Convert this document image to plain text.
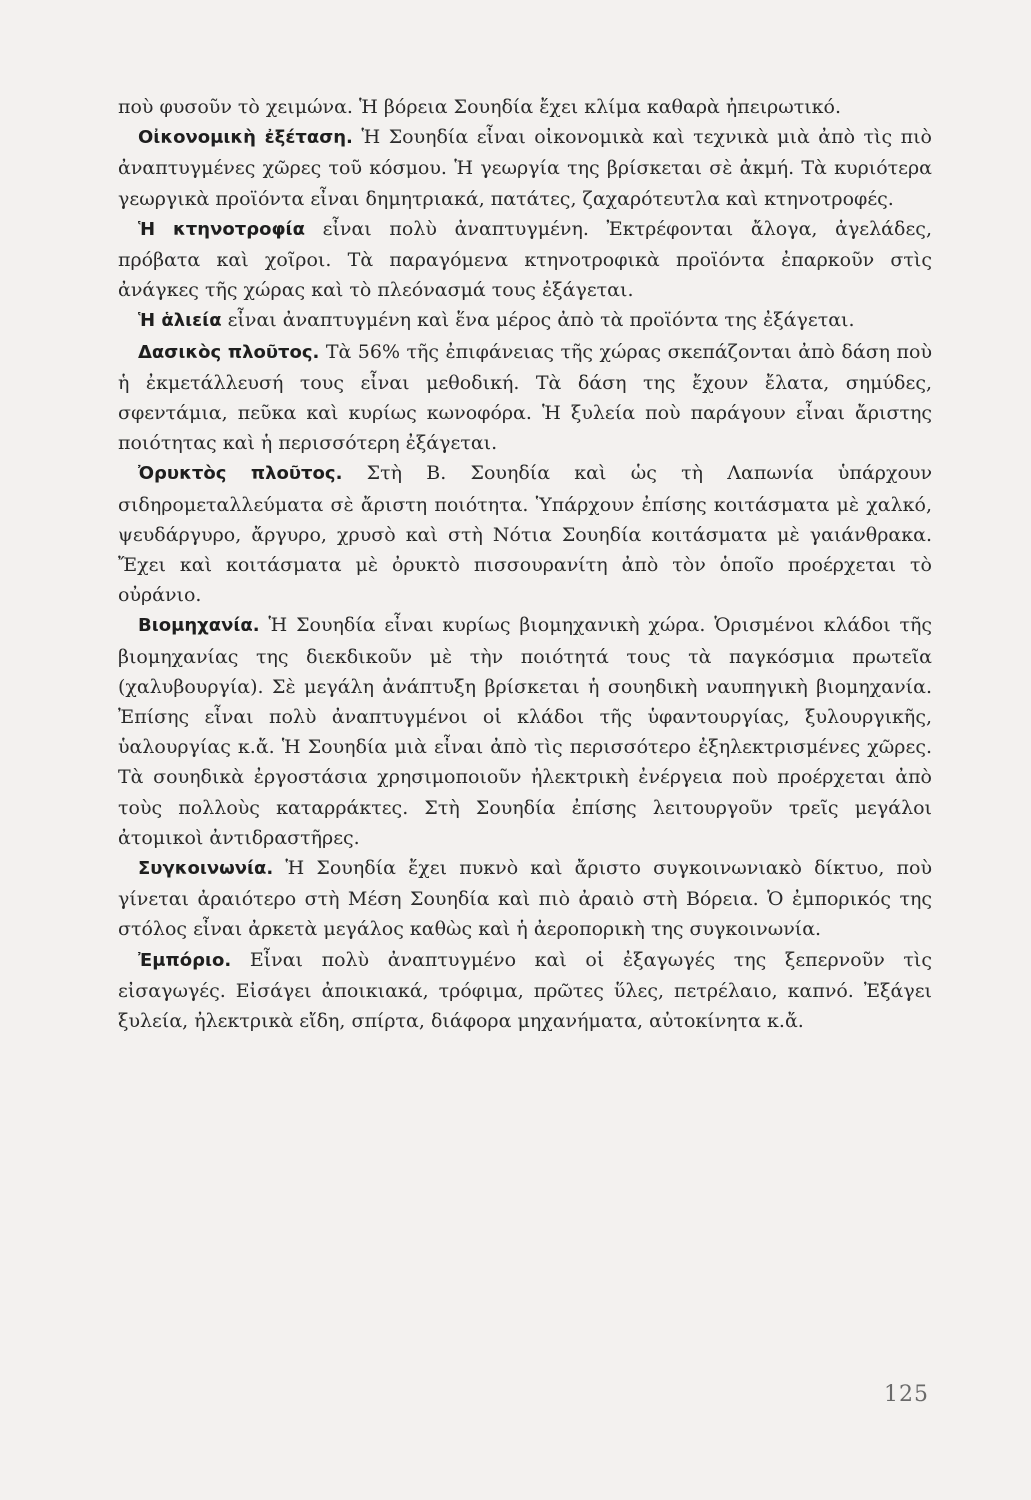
ποὺ φυσοῦν τὸ χειμώνα. Ἡ βόρεια Σουηδία ἔχει κλίμα καθαρὰ ἠπειρωτικό.

Οἰκονομικὴ ἐξέταση. Ἡ Σουηδία εἶναι οἰκονομικὰ καὶ τεχνικὰ μιὰ ἀπὸ τὶς πιὸ ἀναπτυγμένες χῶρες τοῦ κόσμου. Ἡ γεωργία της βρίσκεται σὲ ἀκμή. Τὰ κυριότερα γεωργικὰ προϊόντα εἶναι δημητριακά, πατάτες, ζαχαρότευτλα καὶ κτηνοτροφές.

Ἡ κτηνοτροφία εἶναι πολὺ ἀναπτυγμένη. Ἐκτρέφονται ἄλογα, ἀγελάδες, πρόβατα καὶ χοῖροι. Τὰ παραγόμενα κτηνοτροφικὰ προϊόντα ἐπαρκοῦν στὶς ἀνάγκες τῆς χώρας καὶ τὸ πλεόνασμά τους ἐξάγεται.

Ἡ ἁλιεία εἶναι ἀναπτυγμένη καὶ ἕνα μέρος ἀπὸ τὰ προϊόντα της ἐξάγεται.

Δασικὸς πλοῦτος. Τὰ 56% τῆς ἐπιφάνειας τῆς χώρας σκεπάζονται ἀπὸ δάση ποὺ ἡ ἐκμετάλλευσή τους εἶναι μεθοδική. Τὰ δάση της ἔχουν ἔλατα, σημύδες, σφεντάμια, πεῦκα καὶ κυρίως κωνοφόρα. Ἡ ξυλεία ποὺ παράγουν εἶναι ἄριστης ποιότητας καὶ ἡ περισσότερη ἐξάγεται.

Ὀρυκτὸς πλοῦτος. Στὴ Β. Σουηδία καὶ ὡς τὴ Λαπωνία ὑπάρχουν σιδηρομεταλλεύματα σὲ ἄριστη ποιότητα. Ὑπάρχουν ἐπίσης κοιτάσματα μὲ χαλκό, ψευδάργυρο, ἄργυρο, χρυσὸ καὶ στὴ Νότια Σουηδία κοιτάσματα μὲ γαιάνθρακα. Ἔχει καὶ κοιτάσματα μὲ ὀρυκτὸ πισσουρανίτη ἀπὸ τὸν ὁποῖο προέρχεται τὸ οὐράνιο.

Βιομηχανία. Ἡ Σουηδία εἶναι κυρίως βιομηχανικὴ χώρα. Ὁρισμένοι κλάδοι τῆς βιομηχανίας της διεκδικοῦν μὲ τὴν ποιότητά τους τὰ παγκόσμια πρωτεῖα (χαλυβουργία). Σὲ μεγάλη ἀνάπτυξη βρίσκεται ἡ σουηδικὴ ναυπηγικὴ βιομηχανία. Ἐπίσης εἶναι πολὺ ἀναπτυγμένοι οἱ κλάδοι τῆς ὑφαντουργίας, ξυλουργικῆς, ὑαλουργίας κ.ἄ. Ἡ Σουηδία μιὰ εἶναι ἀπὸ τὶς περισσότερο ἐξηλεκτρισμένες χῶρες. Τὰ σουηδικὰ ἐργοστάσια χρησιμοποιοῦν ἠλεκτρικὴ ἐνέργεια ποὺ προέρχεται ἀπὸ τοὺς πολλοὺς καταρράκτες. Στὴ Σουηδία ἐπίσης λειτουργοῦν τρεῖς μεγάλοι ἀτομικοὶ ἀντιδραστῆρες.

Συγκοινωνία. Ἡ Σουηδία ἔχει πυκνὸ καὶ ἄριστο συγκοινωνιακὸ δίκτυο, ποὺ γίνεται ἀραιότερο στὴ Μέση Σουηδία καὶ πιὸ ἀραιὸ στὴ Βόρεια. Ὁ ἐμπορικός της στόλος εἶναι ἀρκετὰ μεγάλος καθὼς καὶ ἡ ἀεροπορικὴ της συγκοινωνία.

Ἐμπόριο. Εἶναι πολὺ ἀναπτυγμένο καὶ οἱ ἐξαγωγές της ξεπερνοῦν τὶς εἰσαγωγές. Εἰσάγει ἀποικιακά, τρόφιμα, πρῶτες ὕλες, πετρέλαιο, καπνό. Ἐξάγει ξυλεία, ἠλεκτρικὰ εἴδη, σπίρτα, διάφορα μηχανήματα, αὐτοκίνητα κ.ἄ.

125
